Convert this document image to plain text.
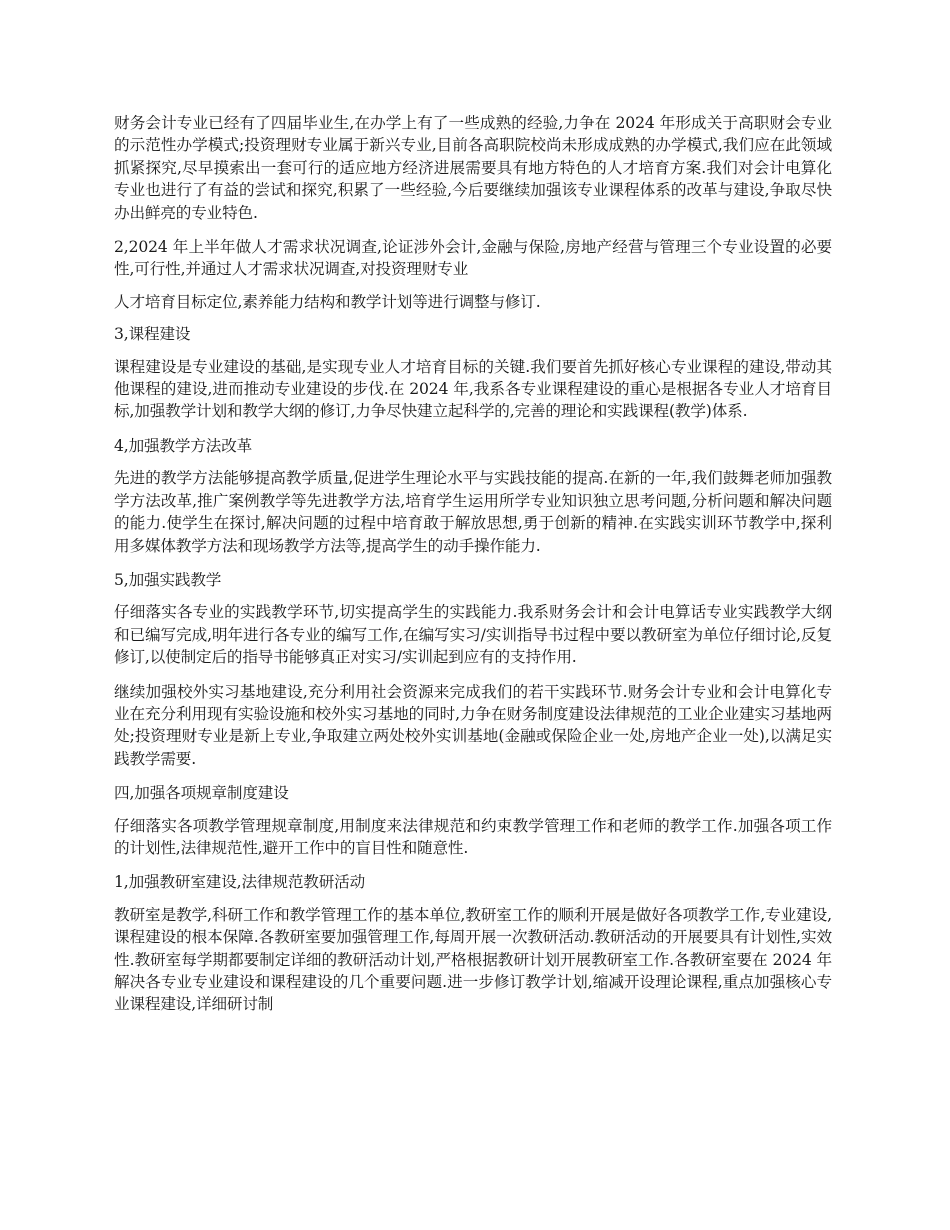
财务会计专业已经有了四届毕业生,在办学上有了一些成熟的经验,力争在 2024 年形成关于高职财会专业的示范性办学模式;投资理财专业属于新兴专业,目前各高职院校尚未形成成熟的办学模式,我们应在此领域抓紧探究,尽早摸索出一套可行的适应地方经济进展需要具有地方特色的人才培育方案.我们对会计电算化专业也进行了有益的尝试和探究,积累了一些经验,今后要继续加强该专业课程体系的改革与建设,争取尽快办出鲜亮的专业特色.

2,2024 年上半年做人才需求状况调查,论证涉外会计,金融与保险,房地产经营与管理三个专业设置的必要性,可行性,并通过人才需求状况调查,对投资理财专业

人才培育目标定位,素养能力结构和教学计划等进行调整与修订.

3,课程建设

课程建设是专业建设的基础,是实现专业人才培育目标的关键.我们要首先抓好核心专业课程的建设,带动其他课程的建设,进而推动专业建设的步伐.在 2024 年,我系各专业课程建设的重心是根据各专业人才培育目标,加强教学计划和教学大纲的修订,力争尽快建立起科学的,完善的理论和实践课程(教学)体系.

4,加强教学方法改革

先进的教学方法能够提高教学质量,促进学生理论水平与实践技能的提高.在新的一年,我们鼓舞老师加强教学方法改革,推广案例教学等先进教学方法,培育学生运用所学专业知识独立思考问题,分析问题和解决问题的能力.使学生在探讨,解决问题的过程中培育敢于解放思想,勇于创新的精神.在实践实训环节教学中,探利用多媒体教学方法和现场教学方法等,提高学生的动手操作能力.

5,加强实践教学

仔细落实各专业的实践教学环节,切实提高学生的实践能力.我系财务会计和会计电算话专业实践教学大纲和已编写完成,明年进行各专业的编写工作,在编写实习/实训指导书过程中要以教研室为单位仔细讨论,反复修订,以使制定后的指导书能够真正对实习/实训起到应有的支持作用.

继续加强校外实习基地建设,充分利用社会资源来完成我们的若干实践环节.财务会计专业和会计电算化专业在充分利用现有实验设施和校外实习基地的同时,力争在财务制度建设法律规范的工业企业建实习基地两处;投资理财专业是新上专业,争取建立两处校外实训基地(金融或保险企业一处,房地产企业一处),以满足实践教学需要.

四,加强各项规章制度建设

仔细落实各项教学管理规章制度,用制度来法律规范和约束教学管理工作和老师的教学工作.加强各项工作的计划性,法律规范性,避开工作中的盲目性和随意性.

1,加强教研室建设,法律规范教研活动

教研室是教学,科研工作和教学管理工作的基本单位,教研室工作的顺利开展是做好各项教学工作,专业建设,课程建设的根本保障.各教研室要加强管理工作,每周开展一次教研活动.教研活动的开展要具有计划性,实效性.教研室每学期都要制定详细的教研活动计划,严格根据教研计划开展教研室工作.各教研室要在 2024 年解决各专业专业建设和课程建设的几个重要问题.进一步修订教学计划,缩减开设理论课程,重点加强核心专业课程建设,详细研讨制
